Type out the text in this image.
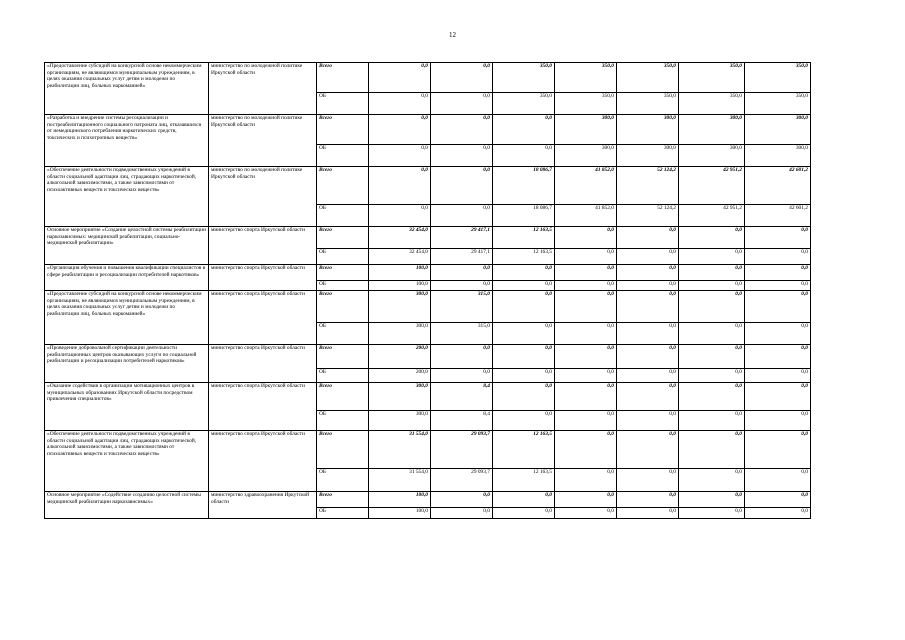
12
«Предоставление субсидий на конкурсной основе некоммерческим организациям, не являющимся муниципальным учреждениям, в целях оказания социальных услуг детям и молодежи по реабилитации лиц, больных наркоманией»	министерство по молодежной политике Иркутской области	Всего	0,0	0,0	350,0	350,0	350,0	350,0	350,0
		ОБ	0,0	0,0	350,0	350,0	350,0	350,0	350,0
«Разработка и внедрение системы ресоциализации и постреабилитационного социального патроната лиц, отказавшихся от немедицинского потребления наркотических средств, токсических и психотропных веществ»	министерство по молодежной политике Иркутской области	Всего	0,0	0,0	0,0	300,0	300,0	300,0	300,0
		ОБ	0,0	0,0	0,0	300,0	300,0	300,0	300,0
«Обеспечение деятельности подведомственных учреждений в области социальной адаптации лиц, страдающих наркотической, алкогольной зависимостями, а также зависимостями от психоактивных веществ и токсических веществ»	министерство по молодежной политике Иркутской области	Всего	0,0	0,0	18 086,7	41 852,0	52 124,2	42 951,2	42 601,2
		ОБ	0,0	0,0	18 086,7	41 852,0	52 124,2	42 951,2	42 601,2
Основное мероприятие «Создание целостной системы реабилитации наркозависимых: медицинской реабилитации, социально-медицинской реабилитации»	министерство спорта Иркутской области	Всего	32 454,0	29 417,1	12 163,5	0,0	0,0	0,0	0,0
		ОБ	32 454,0	29 417,1	12 163,5	0,0	0,0	0,0	0,0
«Организация обучения и повышения квалификации специалистов в сфере реабилитации и ресоциализации потребителей наркотиков»	министерство спорта Иркутской области	Всего	100,0	0,0	0,0	0,0	0,0	0,0	0,0
		ОБ	100,0	0,0	0,0	0,0	0,0	0,0	0,0
«Предоставление субсидий на конкурсной основе некоммерческим организациям, не являющимся муниципальным учреждениям, в целях оказания социальных услуг детям и молодежи по реабилитации лиц, больных наркоманией»	министерство спорта Иркутской области	Всего	300,0	315,0	0,0	0,0	0,0	0,0	0,0
		ОБ	300,0	315,0	0,0	0,0	0,0	0,0	0,0
«Проведение добровольной сертификации деятельности реабилитационных центров оказывающих услуги по социальной реабилитации и ресоциализации потребителей наркотиков»	министерство спорта Иркутской области	Всего	200,0	0,0	0,0	0,0	0,0	0,0	0,0
		ОБ	200,0	0,0	0,0	0,0	0,0	0,0	0,0
«Оказание содействия в организации мотивационных центров в муниципальных образованиях Иркутской области посредством привлечения специалистов»	министерство спорта Иркутской области	Всего	300,0	8,4	0,0	0,0	0,0	0,0	0,0
		ОБ	300,0	8,4	0,0	0,0	0,0	0,0	0,0
«Обеспечение деятельности подведомственных учреждений в области социальной адаптации лиц, страдающих наркотической, алкогольной зависимостями, а также зависимостями от психоактивных веществ и токсических веществ»	министерство спорта Иркутской области	Всего	31 554,0	29 093,7	12 163,5	0,0	0,0	0,0	0,0
		ОБ	31 554,0	29 093,7	12 163,5	0,0	0,0	0,0	0,0
Основное мероприятие «Содействие созданию целостной системы медицинской реабилитации наркозависимых»	министерство здравоохранения Иркутской области	Всего	100,0	0,0	0,0	0,0	0,0	0,0	0,0
		ОБ	100,0	0,0	0,0	0,0	0,0	0,0	0,0
